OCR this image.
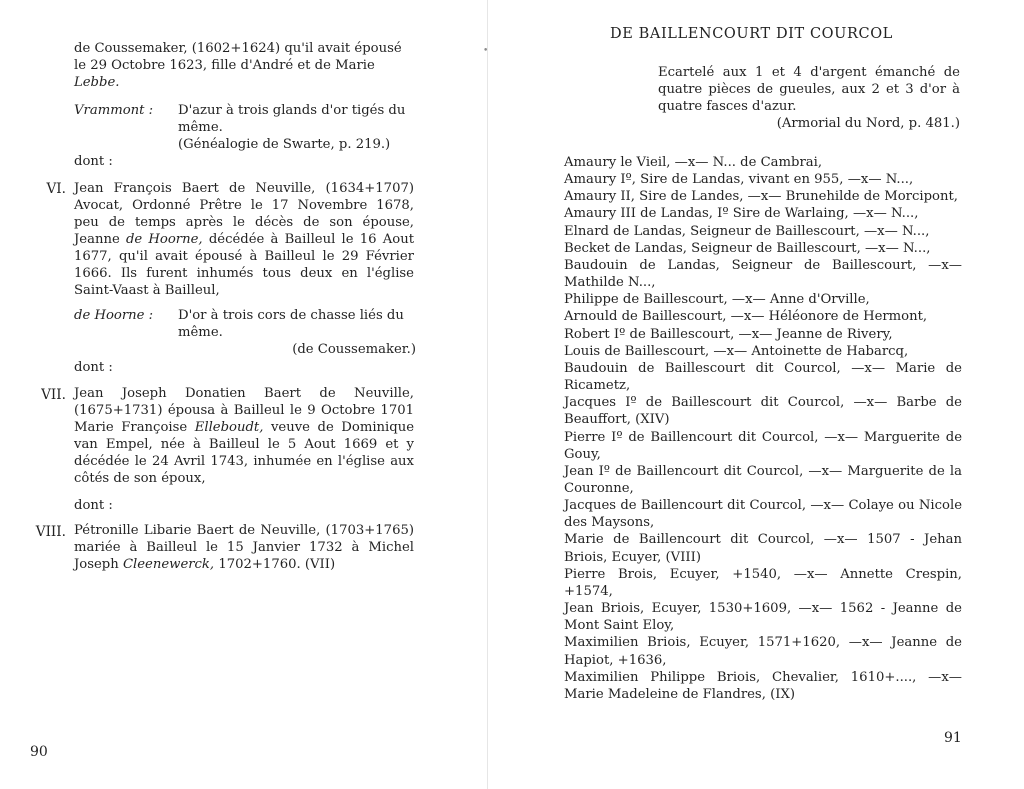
•
de Coussemaker, (1602+1624) qu'il avait épousé
le 29 Octobre 1623, fille d'André et de Marie
Lebbe.
Vrammont : D'azur à trois glands d'or tigés du même.
(Généalogie de Swarte, p. 219.)
dont :
VI. Jean François Baert de Neuville, (1634+1707) Avocat, Ordonné Prêtre le 17 Novembre 1678, peu de temps après le décès de son épouse, Jeanne de Hoorne, décédée à Bailleul le 16 Aout 1677, qu'il avait épousé à Bailleul le 29 Février 1666. Ils furent inhumés tous deux en l'église Saint-Vaast à Bailleul,
de Hoorne : D'or à trois cors de chasse liés du même.
(de Coussemaker.)
dont :
VII. Jean Joseph Donatien Baert de Neuville, (1675+1731) épousa à Bailleul le 9 Octobre 1701 Marie Françoise Elleboudt, veuve de Dominique van Empel, née à Bailleul le 5 Aout 1669 et y décédée le 24 Avril 1743, inhumée en l'église aux côtés de son époux,
dont :
VIII. Pétronille Libarie Baert de Neuville, (1703+1765) mariée à Bailleul le 15 Janvier 1732 à Michel Joseph Cleenewerck, 1702+1760. (VII)
90
DE BAILLENCOURT DIT COURCOL
Ecartelé aux 1 et 4 d'argent émanché de quatre pièces de gueules, aux 2 et 3 d'or à quatre fasces d'azur.
(Armorial du Nord, p. 481.)
Amaury le Vieil, —x— N... de Cambrai,
Amaury Iº, Sire de Landas, vivant en 955, —x— N...,
Amaury II, Sire de Landes, —x— Brunehilde de Morcipont,
Amaury III de Landas, Iº Sire de Warlaing, —x— N...,
Elnard de Landas, Seigneur de Baillescourt, —x— N...,
Becket de Landas, Seigneur de Baillescourt, —x— N...,
Baudouin de Landas, Seigneur de Baillescourt, —x— Mathilde N...,
Philippe de Baillescourt, —x— Anne d'Orville,
Arnould de Baillescourt, —x— Héléonore de Hermont,
Robert Iº de Baillescourt, —x— Jeanne de Rivery,
Louis de Baillescourt, —x— Antoinette de Habarcq,
Baudouin de Baillescourt dit Courcol, —x— Marie de Ricametz,
Jacques Iº de Baillescourt dit Courcol, —x— Barbe de Beauffort, (XIV)
Pierre Iº de Baillencourt dit Courcol, —x— Marguerite de Gouy,
Jean Iº de Baillencourt dit Courcol, —x— Marguerite de la Couronne,
Jacques de Baillencourt dit Courcol, —x— Colaye ou Nicole des Maysons,
Marie de Baillencourt dit Courcol, —x— 1507 - Jehan Briois, Ecuyer, (VIII)
Pierre Brois, Ecuyer, +1540, —x— Annette Crespin, +1574,
Jean Briois, Ecuyer, 1530+1609, —x— 1562 - Jeanne de Mont Saint Eloy,
Maximilien Briois, Ecuyer, 1571+1620, —x— Jeanne de Hapiot, +1636,
Maximilien Philippe Briois, Chevalier, 1610+...., —x— Marie Madeleine de Flandres, (IX)
91
